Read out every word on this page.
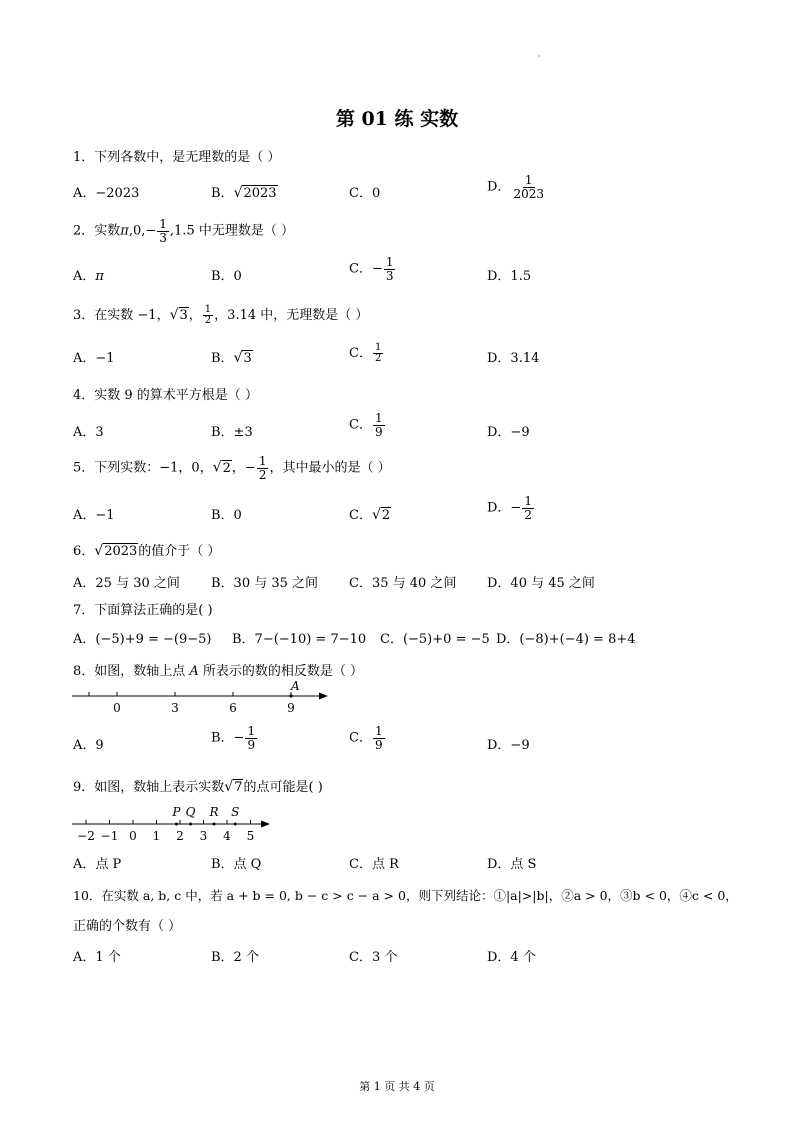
·
第 01 练 实数
1．下列各数中，是无理数的是（ ）
A．−2023	B．√2023	C．0	D． $\frac{1}{2023}$
2．实数$\pi,0,- \frac{1}{3} ,1.5$ 中无理数是（ ）
A．π	B．0	C．− $\frac{1}{3}$	D．1.5
3．在实数 −1，√3， $\frac{1}{2}$ ，3.14 中，无理数是（ ）
A．−1	B．√3	C． $\frac{1}{2}$	D．3.14
4．实数 9 的算术平方根是（ ）
A．3	B．±3	C． $\frac{1}{9}$	D．−9
5．下列实数：−1，0，√2，− $\frac{1}{2}$ ，其中最小的是（ ）
A．−1	B．0	C．√2	D．− $\frac{1}{2}$
6．√2023的值介于（ ）
A．25 与 30 之间 B．30 与 35 之间 C．35 与 40 之间 D．40 与 45 之间
7．下面算法正确的是( )
A．(−5)+9 = −(9−5) B．7−(−10) = 7−10 C．(−5)+0 = −5 D．(−8)+(−4) = 8+4
8．如图，数轴上点 A 所表示的数的相反数是（ ）
0	3	6	9
A
A．9	B．− $\frac{1}{9}$	C． $\frac{1}{9}$	D．−9
9．如图，数轴上表示实数√7的点可能是( )
−2 −1 0 1 2 3 4 5
P Q R S
A．点 P	B．点 Q	C．点 R	D．点 S
10．在实数 a, b, c 中，若 a + b = 0, b − c > c − a > 0，则下列结论：①|a|>|b|，②a > 0，③b < 0，④c < 0，
正确的个数有（ ）
A．1 个	B．2 个	C．3 个	D．4 个
第 1 页 共 4 页
